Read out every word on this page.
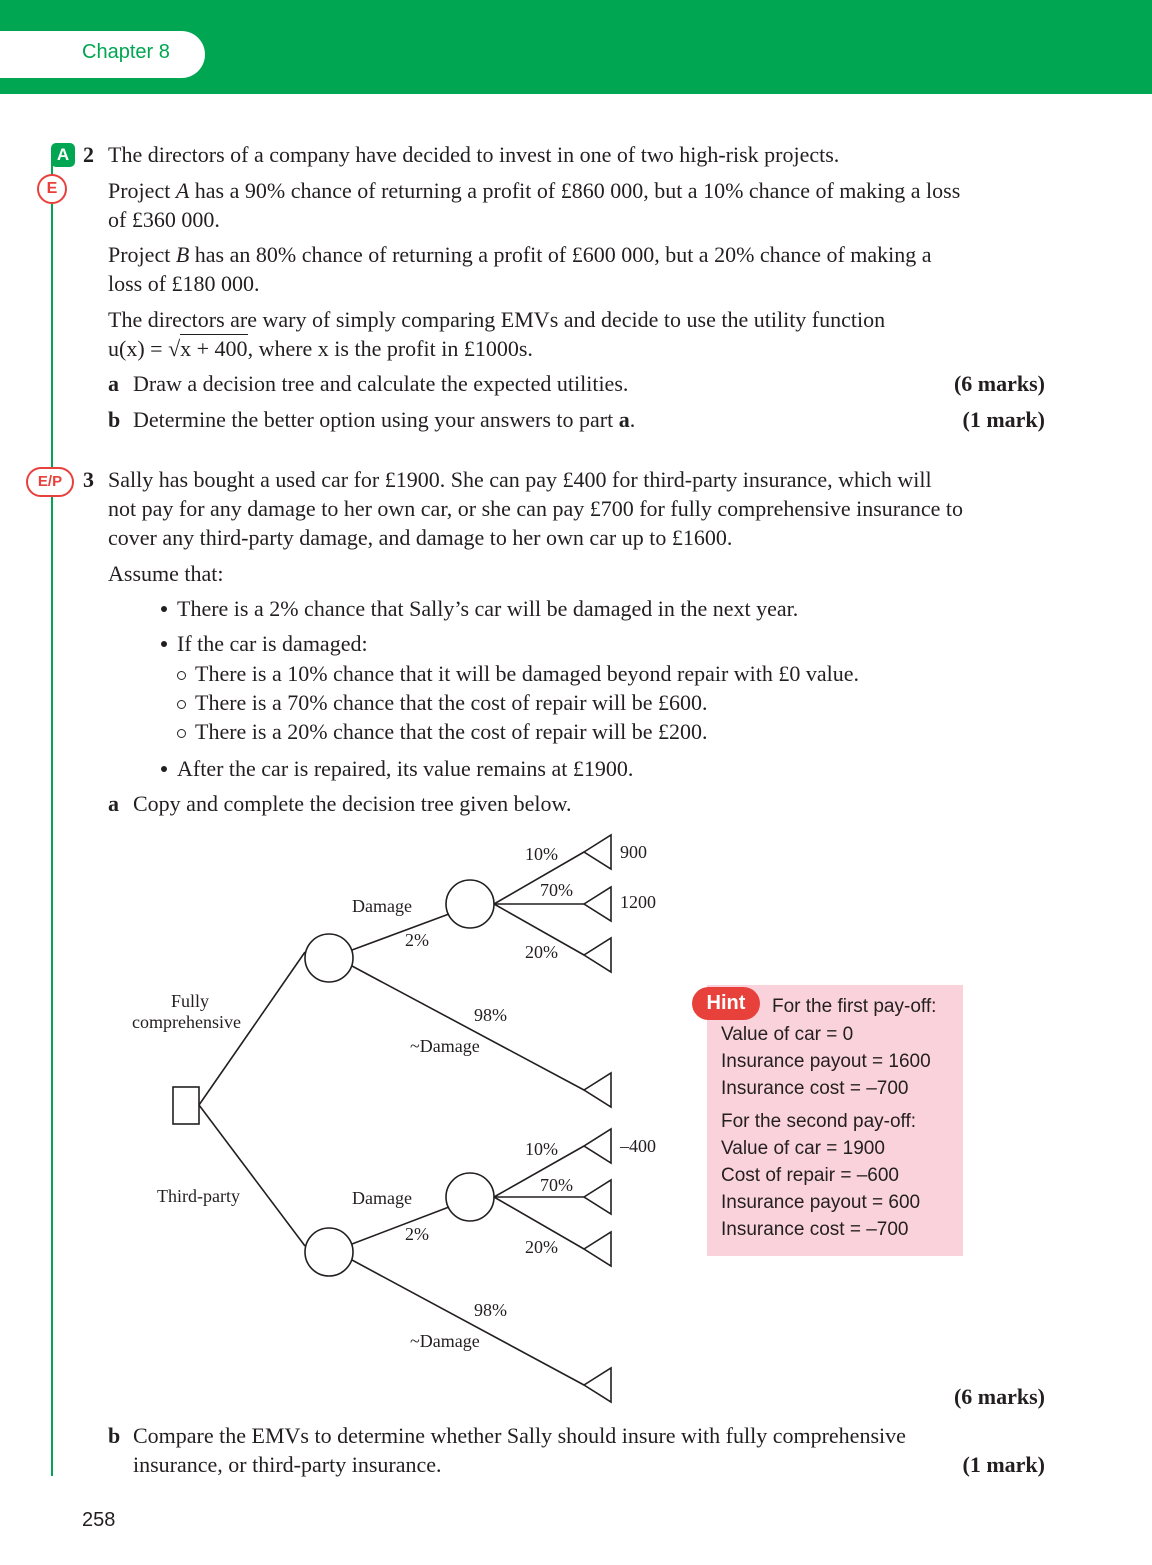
Chapter 8
A
E
2 The directors of a company have decided to invest in one of two high-risk projects.
Project A has a 90% chance of returning a profit of £860 000, but a 10% chance of making a loss
of £360 000.
Project B has an 80% chance of returning a profit of £600 000, but a 20% chance of making a
loss of £180 000.
The directors are wary of simply comparing EMVs and decide to use the utility function
u(x) = √x + 400, where x is the profit in £1000s.
a Draw a decision tree and calculate the expected utilities.	(6 marks)
b Determine the better option using your answers to part a.	(1 mark)
E/P 3 Sally has bought a used car for £1900. She can pay £400 for third-party insurance, which will
not pay for any damage to her own car, or she can pay £700 for fully comprehensive insurance to
cover any third-party damage, and damage to her own car up to £1600.
Assume that:
There is a 2% chance that Sally’s car will be damaged in the next year.
If the car is damaged:
There is a 10% chance that it will be damaged beyond repair with £0 value.
There is a 70% chance that the cost of repair will be £600.
There is a 20% chance that the cost of repair will be £200.
After the car is repaired, its value remains at £1900.
a Copy and complete the decision tree given below.
Fully
comprehensive
Third-party
Damage
2%
98%
~Damage
10%
70%
20%
900
1200
Damage
2%
98%
~Damage
10%
70%
20%
–400
Hint	For the first pay-off:
Value of car = 0
Insurance payout = 1600
Insurance cost = –700
For the second pay-off:
Value of car = 1900
Cost of repair = –600
Insurance payout = 600
Insurance cost = –700
(6 marks)
b Compare the EMVs to determine whether Sally should insure with fully comprehensive
insurance, or third-party insurance.	(1 mark)
258
